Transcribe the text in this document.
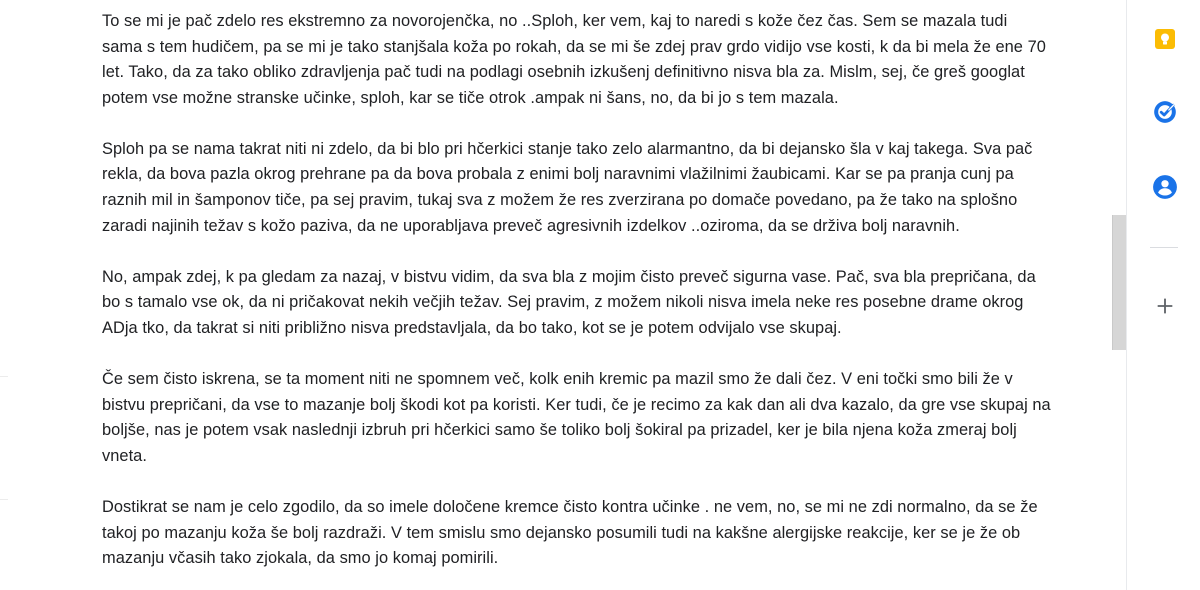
To se mi je pač zdelo res ekstremno za novorojenčka, no ..Sploh, ker vem, kaj to naredi s kože čez čas. Sem se mazala tudi
sama s tem hudičem, pa se mi je tako stanjšala koža po rokah, da se mi še zdej prav grdo vidijo vse kosti, k da bi mela že ene 70
let. Tako, da za tako obliko zdravljenja pač tudi na podlagi osebnih izkušenj definitivno nisva bla za. Mislm, sej, če greš googlat
potem vse možne stranske učinke, sploh, kar se tiče otrok .ampak ni šans, no, da bi jo s tem mazala.
Sploh pa se nama takrat niti ni zdelo, da bi blo pri hčerkici stanje tako zelo alarmantno, da bi dejansko šla v kaj takega. Sva pač
rekla, da bova pazla okrog prehrane pa da bova probala z enimi bolj naravnimi vlažilnimi žaubicami. Kar se pa pranja cunj pa
raznih mil in šamponov tiče, pa sej pravim, tukaj sva z možem že res zverzirana po domače povedano, pa že tako na splošno
zaradi najinih težav s kožo paziva, da ne uporabljava preveč agresivnih izdelkov ..oziroma, da se drživa bolj naravnih.
No, ampak zdej, k pa gledam za nazaj, v bistvu vidim, da sva bla z mojim čisto preveč sigurna vase. Pač, sva bla prepričana, da
bo s tamalo vse ok, da ni pričakovat nekih večjih težav. Sej pravim, z možem nikoli nisva imela neke res posebne drame okrog
ADja tko, da takrat si niti približno nisva predstavljala, da bo tako, kot se je potem odvijalo vse skupaj.
Če sem čisto iskrena, se ta moment niti ne spomnem več, kolk enih kremic pa mazil smo že dali čez. V eni točki smo bili že v
bistvu prepričani, da vse to mazanje bolj škodi kot pa koristi. Ker tudi, če je recimo za kak dan ali dva kazalo, da gre vse skupaj na
boljše, nas je potem vsak naslednji izbruh pri hčerkici samo še toliko bolj šokiral pa prizadel, ker je bila njena koža zmeraj bolj
vneta.
Dostikrat se nam je celo zgodilo, da so imele določene kremce čisto kontra učinke . ne vem, no, se mi ne zdi normalno, da se že
takoj po mazanju koža še bolj razdraži. V tem smislu smo dejansko posumili tudi na kakšne alergijske reakcije, ker se je že ob
mazanju včasih tako zjokala, da smo jo komaj pomirili.
